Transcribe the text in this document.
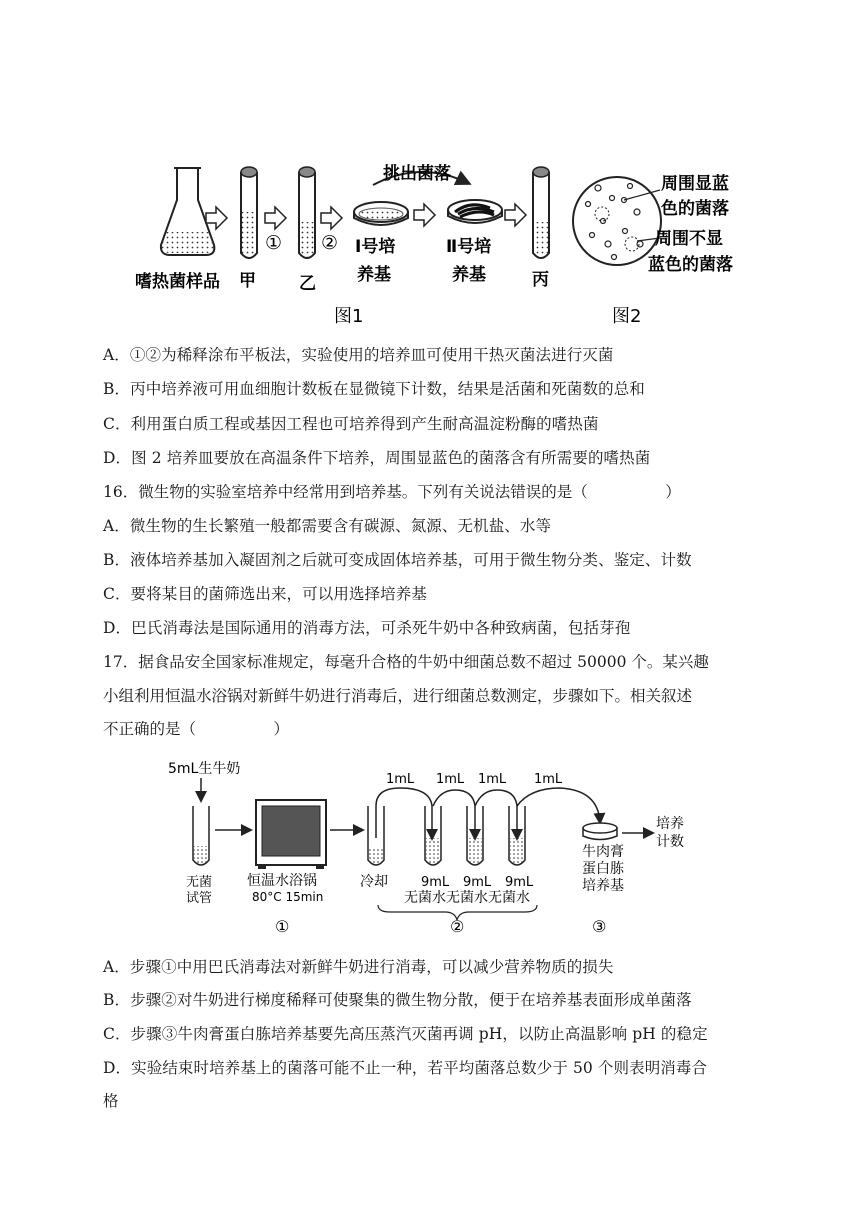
嗜热菌样品 甲
①
乙
② Ⅰ号培
养基
挑出菌落
Ⅱ号培
养基	丙
图1
周围显蓝
色的菌落
周围不显
蓝色的菌落
图2
A．①②为稀释涂布平板法，实验使用的培养皿可使用干热灭菌法进行灭菌
B．丙中培养液可用血细胞计数板在显微镜下计数，结果是活菌和死菌数的总和
C．利用蛋白质工程或基因工程也可培养得到产生耐高温淀粉酶的嗜热菌
D．图 2 培养皿要放在高温条件下培养，周围显蓝色的菌落含有所需要的嗜热菌
16．微生物的实验室培养中经常用到培养基。下列有关说法错误的是（　　　　　）
A．微生物的生长繁殖一般都需要含有碳源、氮源、无机盐、水等
B．液体培养基加入凝固剂之后就可变成固体培养基，可用于微生物分类、鉴定、计数
C．要将某目的菌筛选出来，可以用选择培养基
D．巴氏消毒法是国际通用的消毒方法，可杀死牛奶中各种致病菌，包括芽孢
17．据食品安全国家标准规定，每毫升合格的牛奶中细菌总数不超过 50000 个。某兴趣
小组利用恒温水浴锅对新鲜牛奶进行消毒后，进行细菌总数测定，步骤如下。相关叙述
不正确的是（　　　　　）
5mL生牛奶
无菌
试管
恒温水浴锅
80°C 15min
冷却
1mL 1mL 1mL 1mL
9mL 9mL 9mL
无菌水无菌水无菌水
牛肉膏
蛋白胨
培养基
培养
计数
①	②	③
A．步骤①中用巴氏消毒法对新鲜牛奶进行消毒，可以减少营养物质的损失
B．步骤②对牛奶进行梯度稀释可使聚集的微生物分散，便于在培养基表面形成单菌落
C．步骤③牛肉膏蛋白胨培养基要先高压蒸汽灭菌再调 pH，以防止高温影响 pH 的稳定
D．实验结束时培养基上的菌落可能不止一种，若平均菌落总数少于 50 个则表明消毒合
格
